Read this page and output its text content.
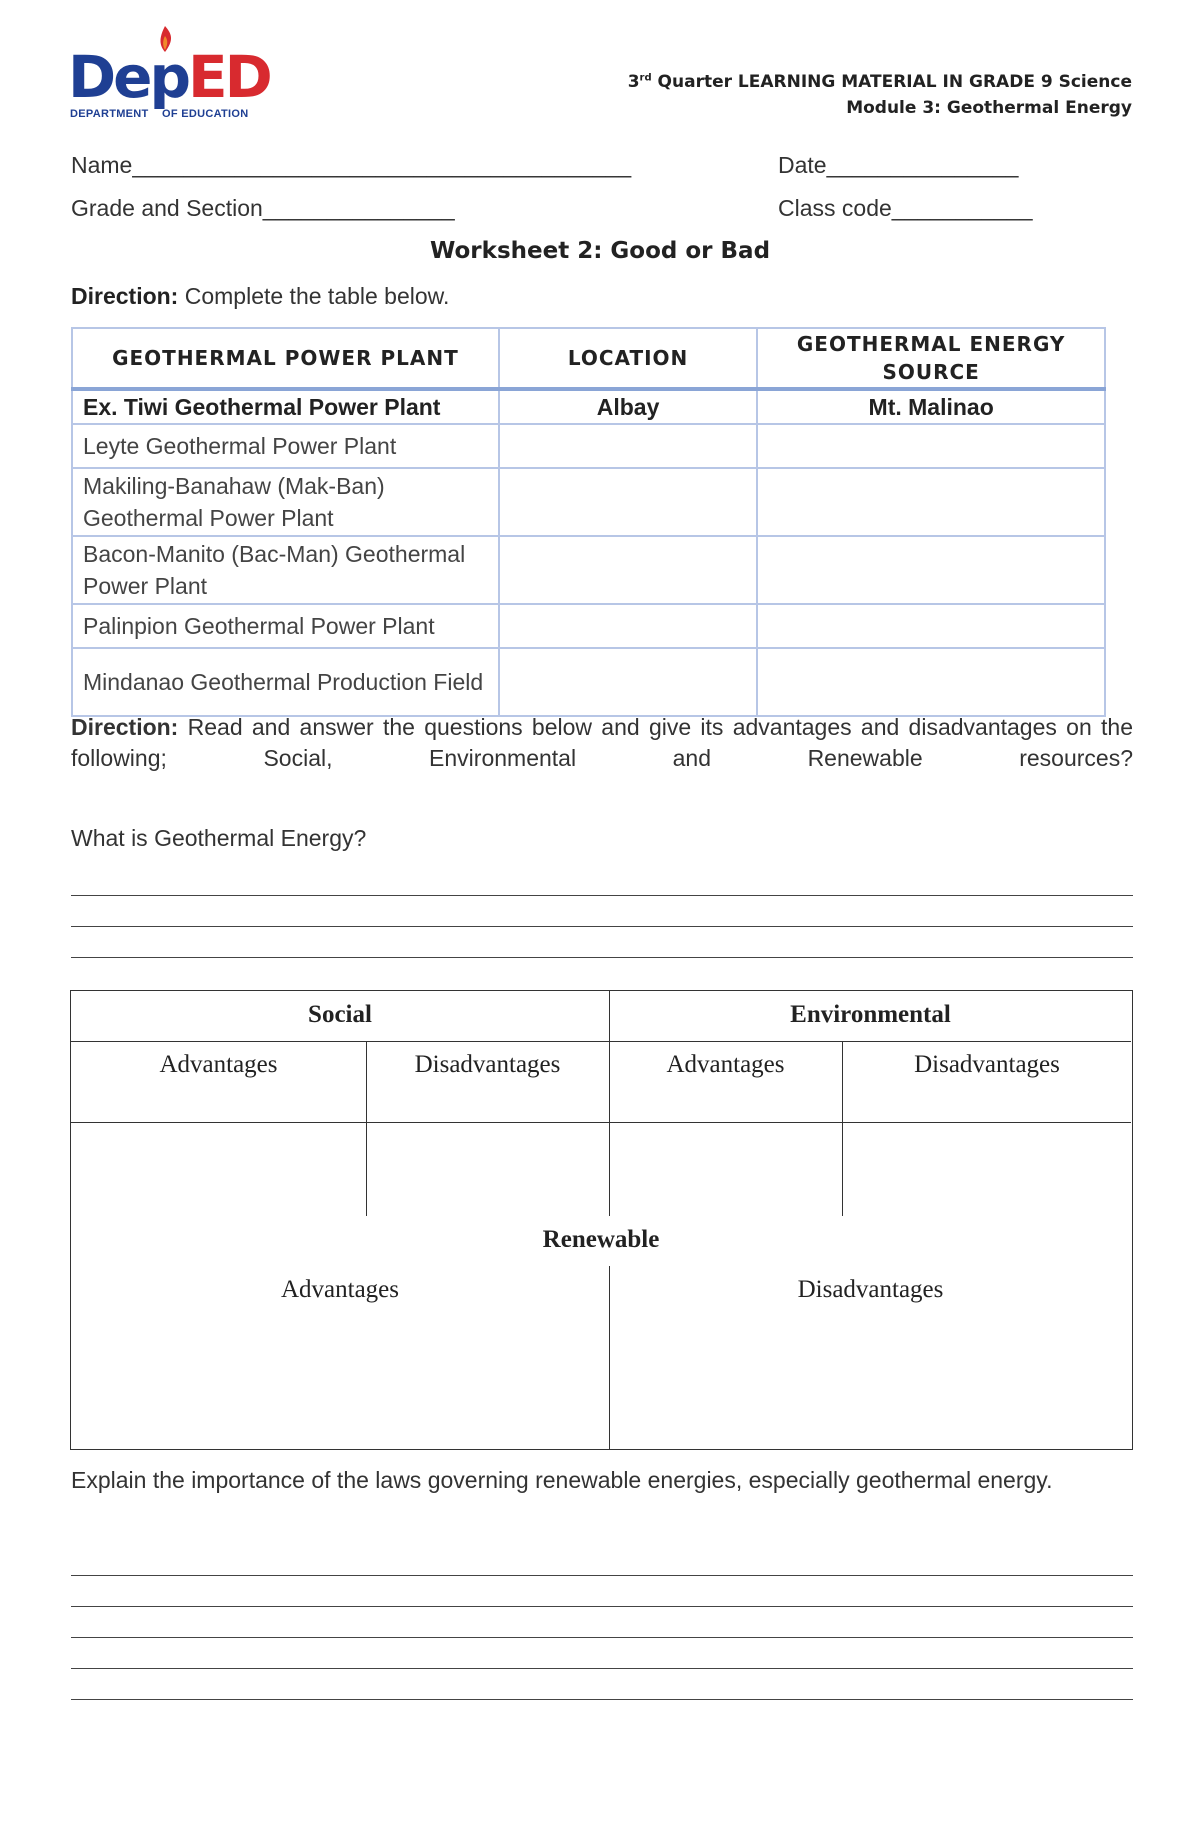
DepED
DEPARTMENT OF EDUCATION
3rd Quarter LEARNING MATERIAL IN GRADE 9 Science
Module 3: Geothermal Energy
Name_______________________________________	Date_______________
Grade and Section_______________	Class code___________
Worksheet 2: Good or Bad
Direction: Complete the table below.
GEOTHERMAL POWER PLANT	LOCATION	GEOTHERMAL ENERGY SOURCE
Ex. Tiwi Geothermal Power Plant	Albay	Mt. Malinao
Leyte Geothermal Power Plant		
Makiling-Banahaw (Mak-Ban) Geothermal Power Plant		
Bacon-Manito (Bac-Man) Geothermal Power Plant		
Palinpion Geothermal Power Plant		
Mindanao Geothermal Production Field		
Direction: Read and answer the questions below and give its advantages and disadvantages on the following; Social, Environmental and Renewable resources?
What is Geothermal Energy?
Social	Environmental
Advantages	Disadvantages	Advantages	Disadvantages
Renewable
Advantages	Disadvantages
Explain the importance of the laws governing renewable energies, especially geothermal energy.
